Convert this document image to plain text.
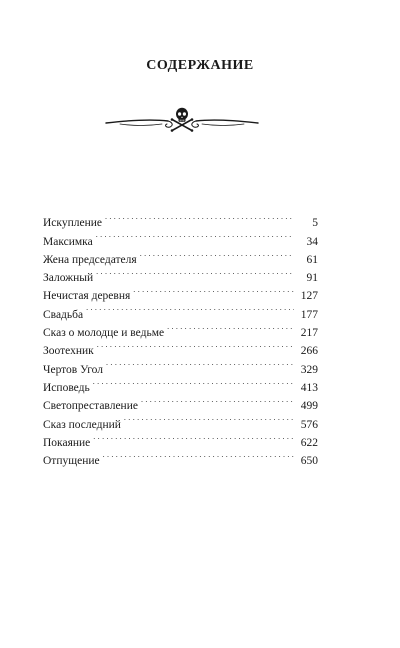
СОДЕРЖАНИЕ
Искупление . . .	5
Максимка . . .	34
Жена председателя . . .	61
Заложный . . .	91
Нечистая деревня . . .	127
Свадьба . . .	177
Сказ о молодце и ведьме . . .	217
Зоотехник . . .	266
Чертов Угол . . .	329
Исповедь . . .	413
Светопреставление . . .	499
Сказ последний . . .	576
Покаяние . . .	622
Отпущение . . .	650
